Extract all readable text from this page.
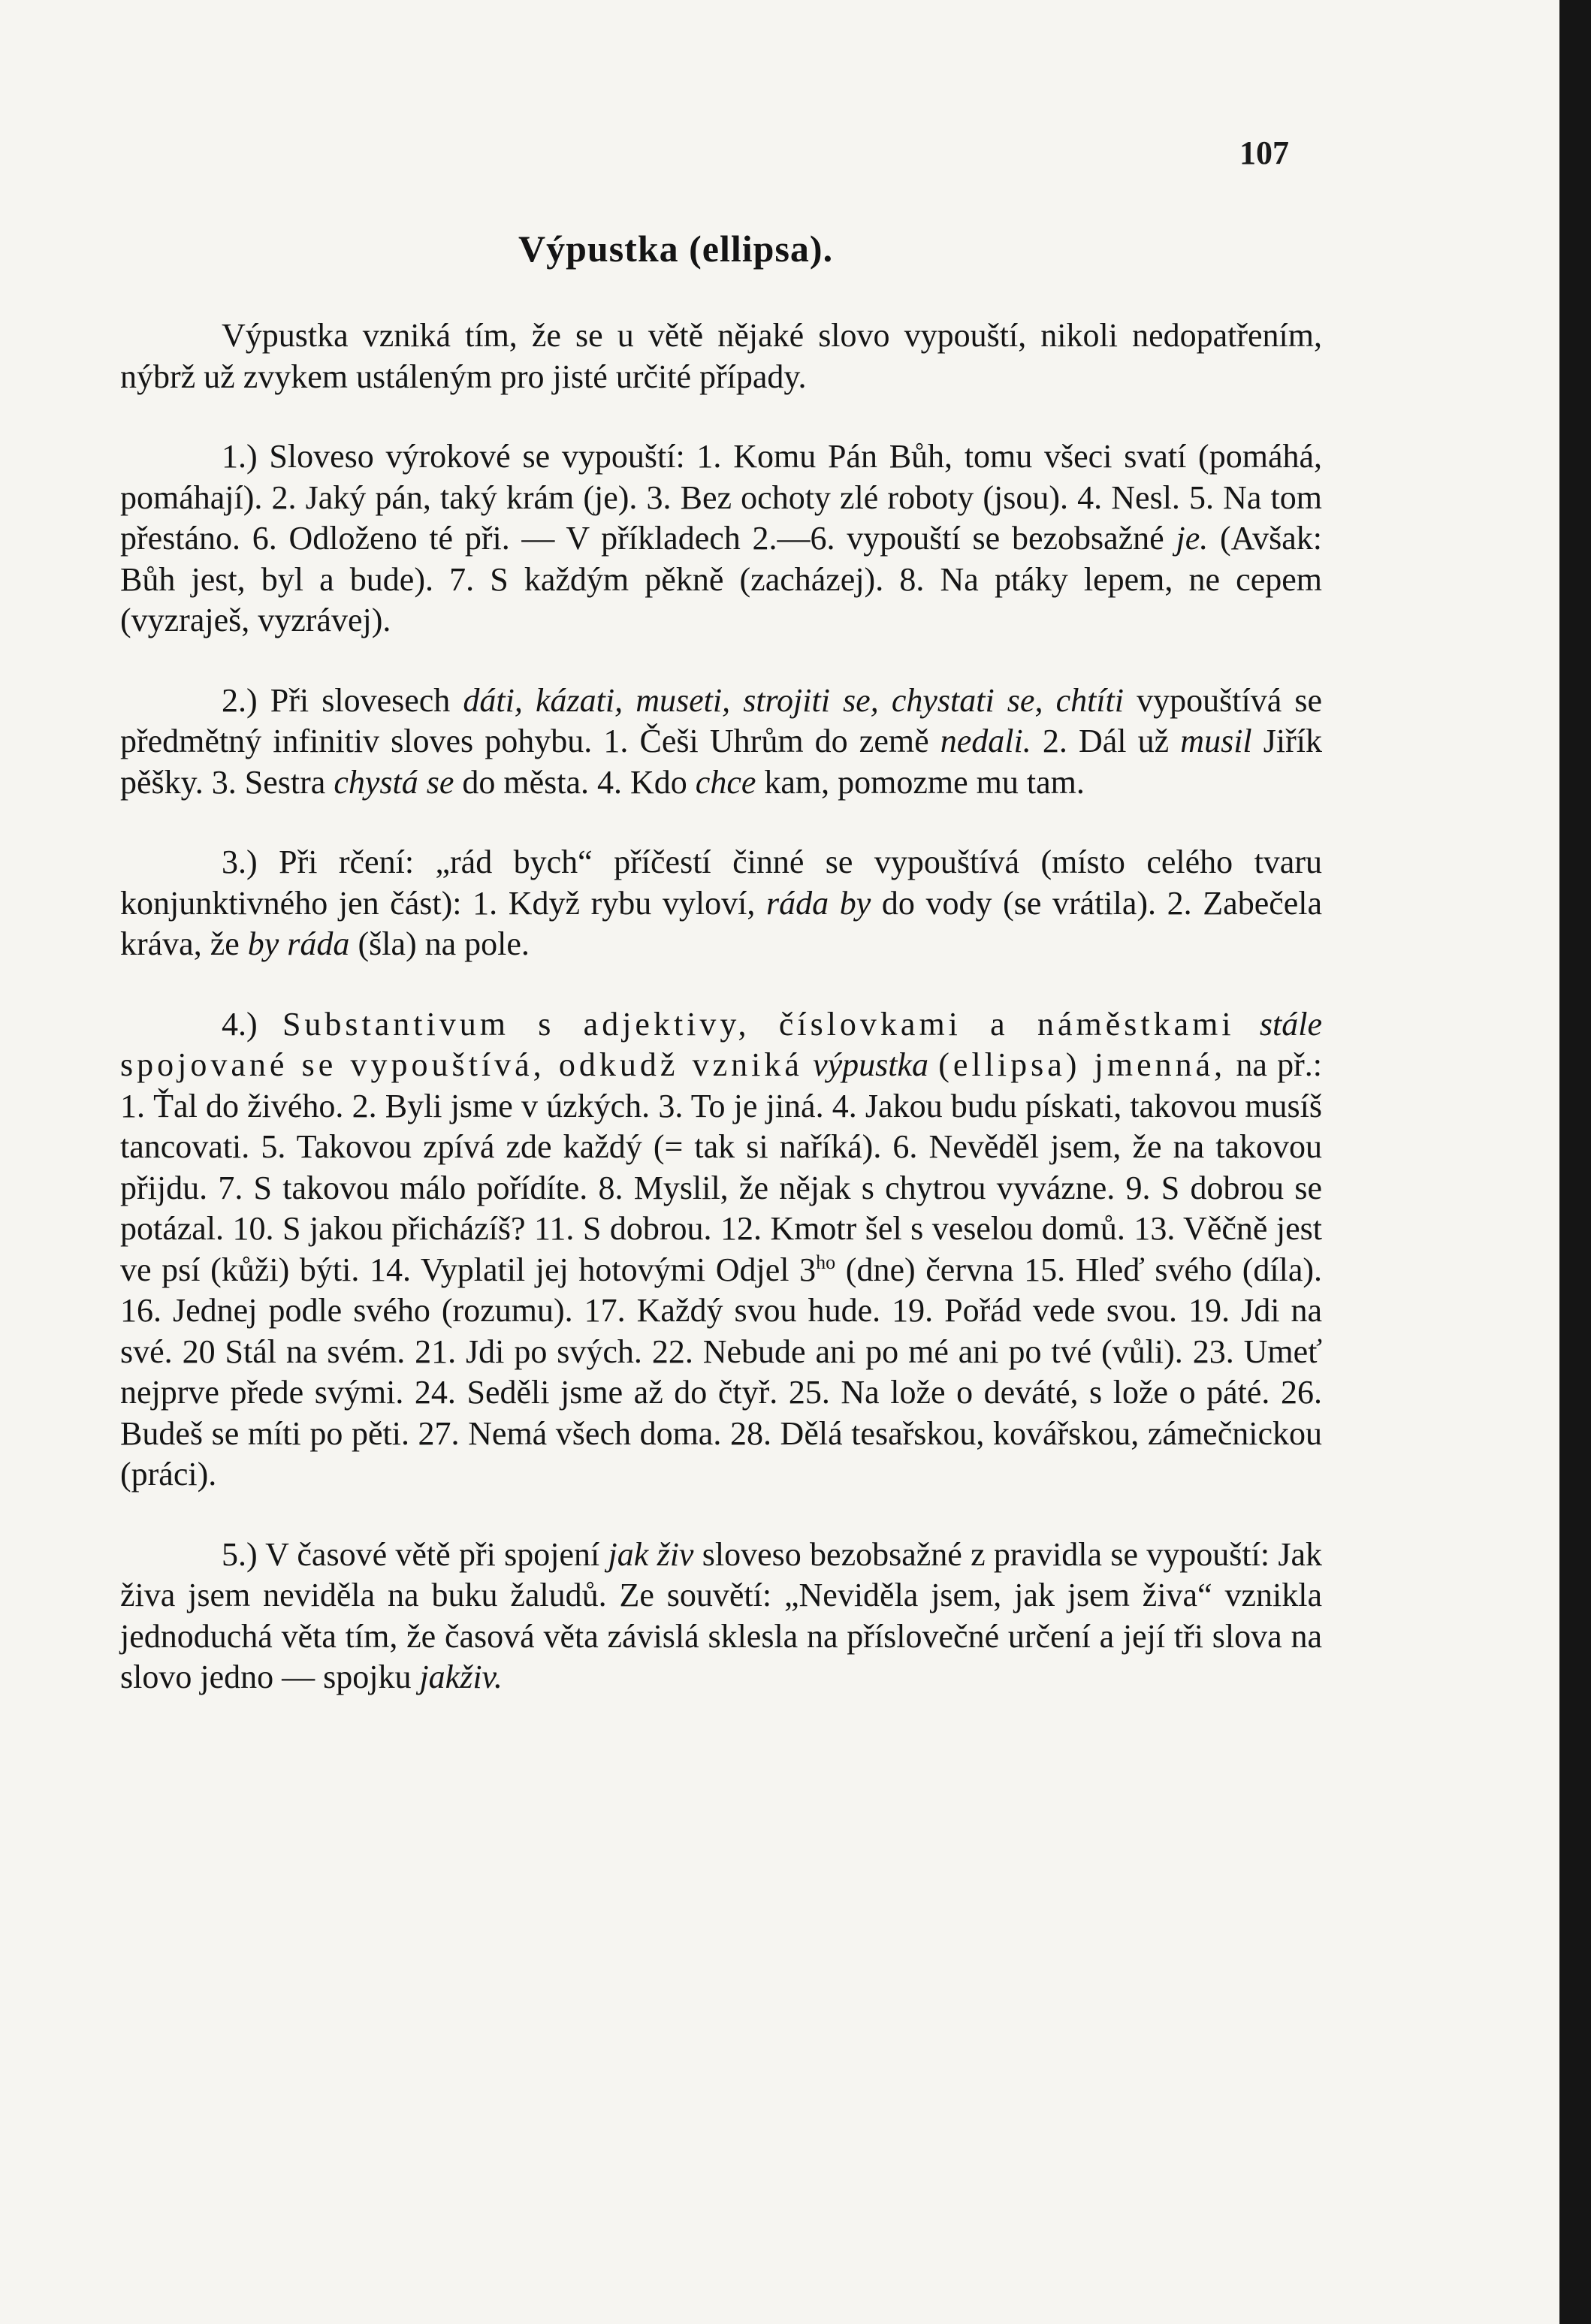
107
Výpustka (ellipsa).

Výpustka vzniká tím, že se u větě nějaké slovo vypouští, nikoli nedopatřením, nýbrž už zvykem ustáleným pro jisté určité případy.

1.) Sloveso výrokové se vypouští: 1. Komu Pán Bůh, tomu všeci svatí (pomáhá, pomáhají). 2. Jaký pán, taký krám (je). 3. Bez ochoty zlé roboty (jsou). 4. Nesl. 5. Na tom přestáno. 6. Odloženo té při. — V příkladech 2.—6. vypouští se bezobsažné je. (Avšak: Bůh jest, byl a bude). 7. S každým pěkně (zacházej). 8. Na ptáky lepem, ne cepem (vyzraješ, vyzrávej).

2.) Při slovesech dáti, kázati, museti, strojiti se, chystati se, chtíti vypouštívá se předmětný infinitiv sloves pohybu. 1. Češi Uhrům do země nedali. 2. Dál už musil Jiřík pěšky. 3. Sestra chystá se do města. 4. Kdo chce kam, pomozme mu tam.

3.) Při rčení: „rád bych“ příčestí činné se vypouštívá (místo celého tvaru konjunktivného jen část): 1. Když rybu vyloví, ráda by do vody (se vrátila). 2. Zabečela kráva, že by ráda (šla) na pole.

4.) Substantivum s adjektivy, číslovkami a náměstkami stále spojované se vypouštívá, odkudž vzniká výpustka (ellipsa) jmenná, na př.: 1. Ťal do živého. 2. Byli jsme v úzkých. 3. To je jiná. 4. Jakou budu pískati, takovou musíš tancovati. 5. Takovou zpívá zde každý (= tak si naříká). 6. Nevěděl jsem, že na takovou přijdu. 7. S takovou málo pořídíte. 8. Myslil, že nějak s chytrou vyvázne. 9. S dobrou se potázal. 10. S jakou přicházíš? 11. S dobrou. 12. Kmotr šel s veselou domů. 13. Věčně jest ve psí (kůži) býti. 14. Vyplatil jej hotovými Odjel $3^{ho}$ (dne) června 15. Hleď svého (díla). 16. Jednej podle svého (rozumu). 17. Každý svou hude. 19. Pořád vede svou. 19. Jdi na své. 20 Stál na svém. 21. Jdi po svých. 22. Nebude ani po mé ani po tvé (vůli). 23. Umeť nejprve přede svými. 24. Seděli jsme až do čtyř. 25. Na lože o deváté, s lože o páté. 26. Budeš se míti po pěti. 27. Nemá všech doma. 28. Dělá tesařskou, kovářskou, zámečnickou (práci).

5.) V časové větě při spojení jak živ sloveso bezobsažné z pravidla se vypouští: Jak živa jsem neviděla na buku žaludů. Ze souvětí: „Neviděla jsem, jak jsem živa“ vznikla jednoduchá věta tím, že časová věta závislá sklesla na příslovečné určení a její tři slova na slovo jedno — spojku jakživ.
